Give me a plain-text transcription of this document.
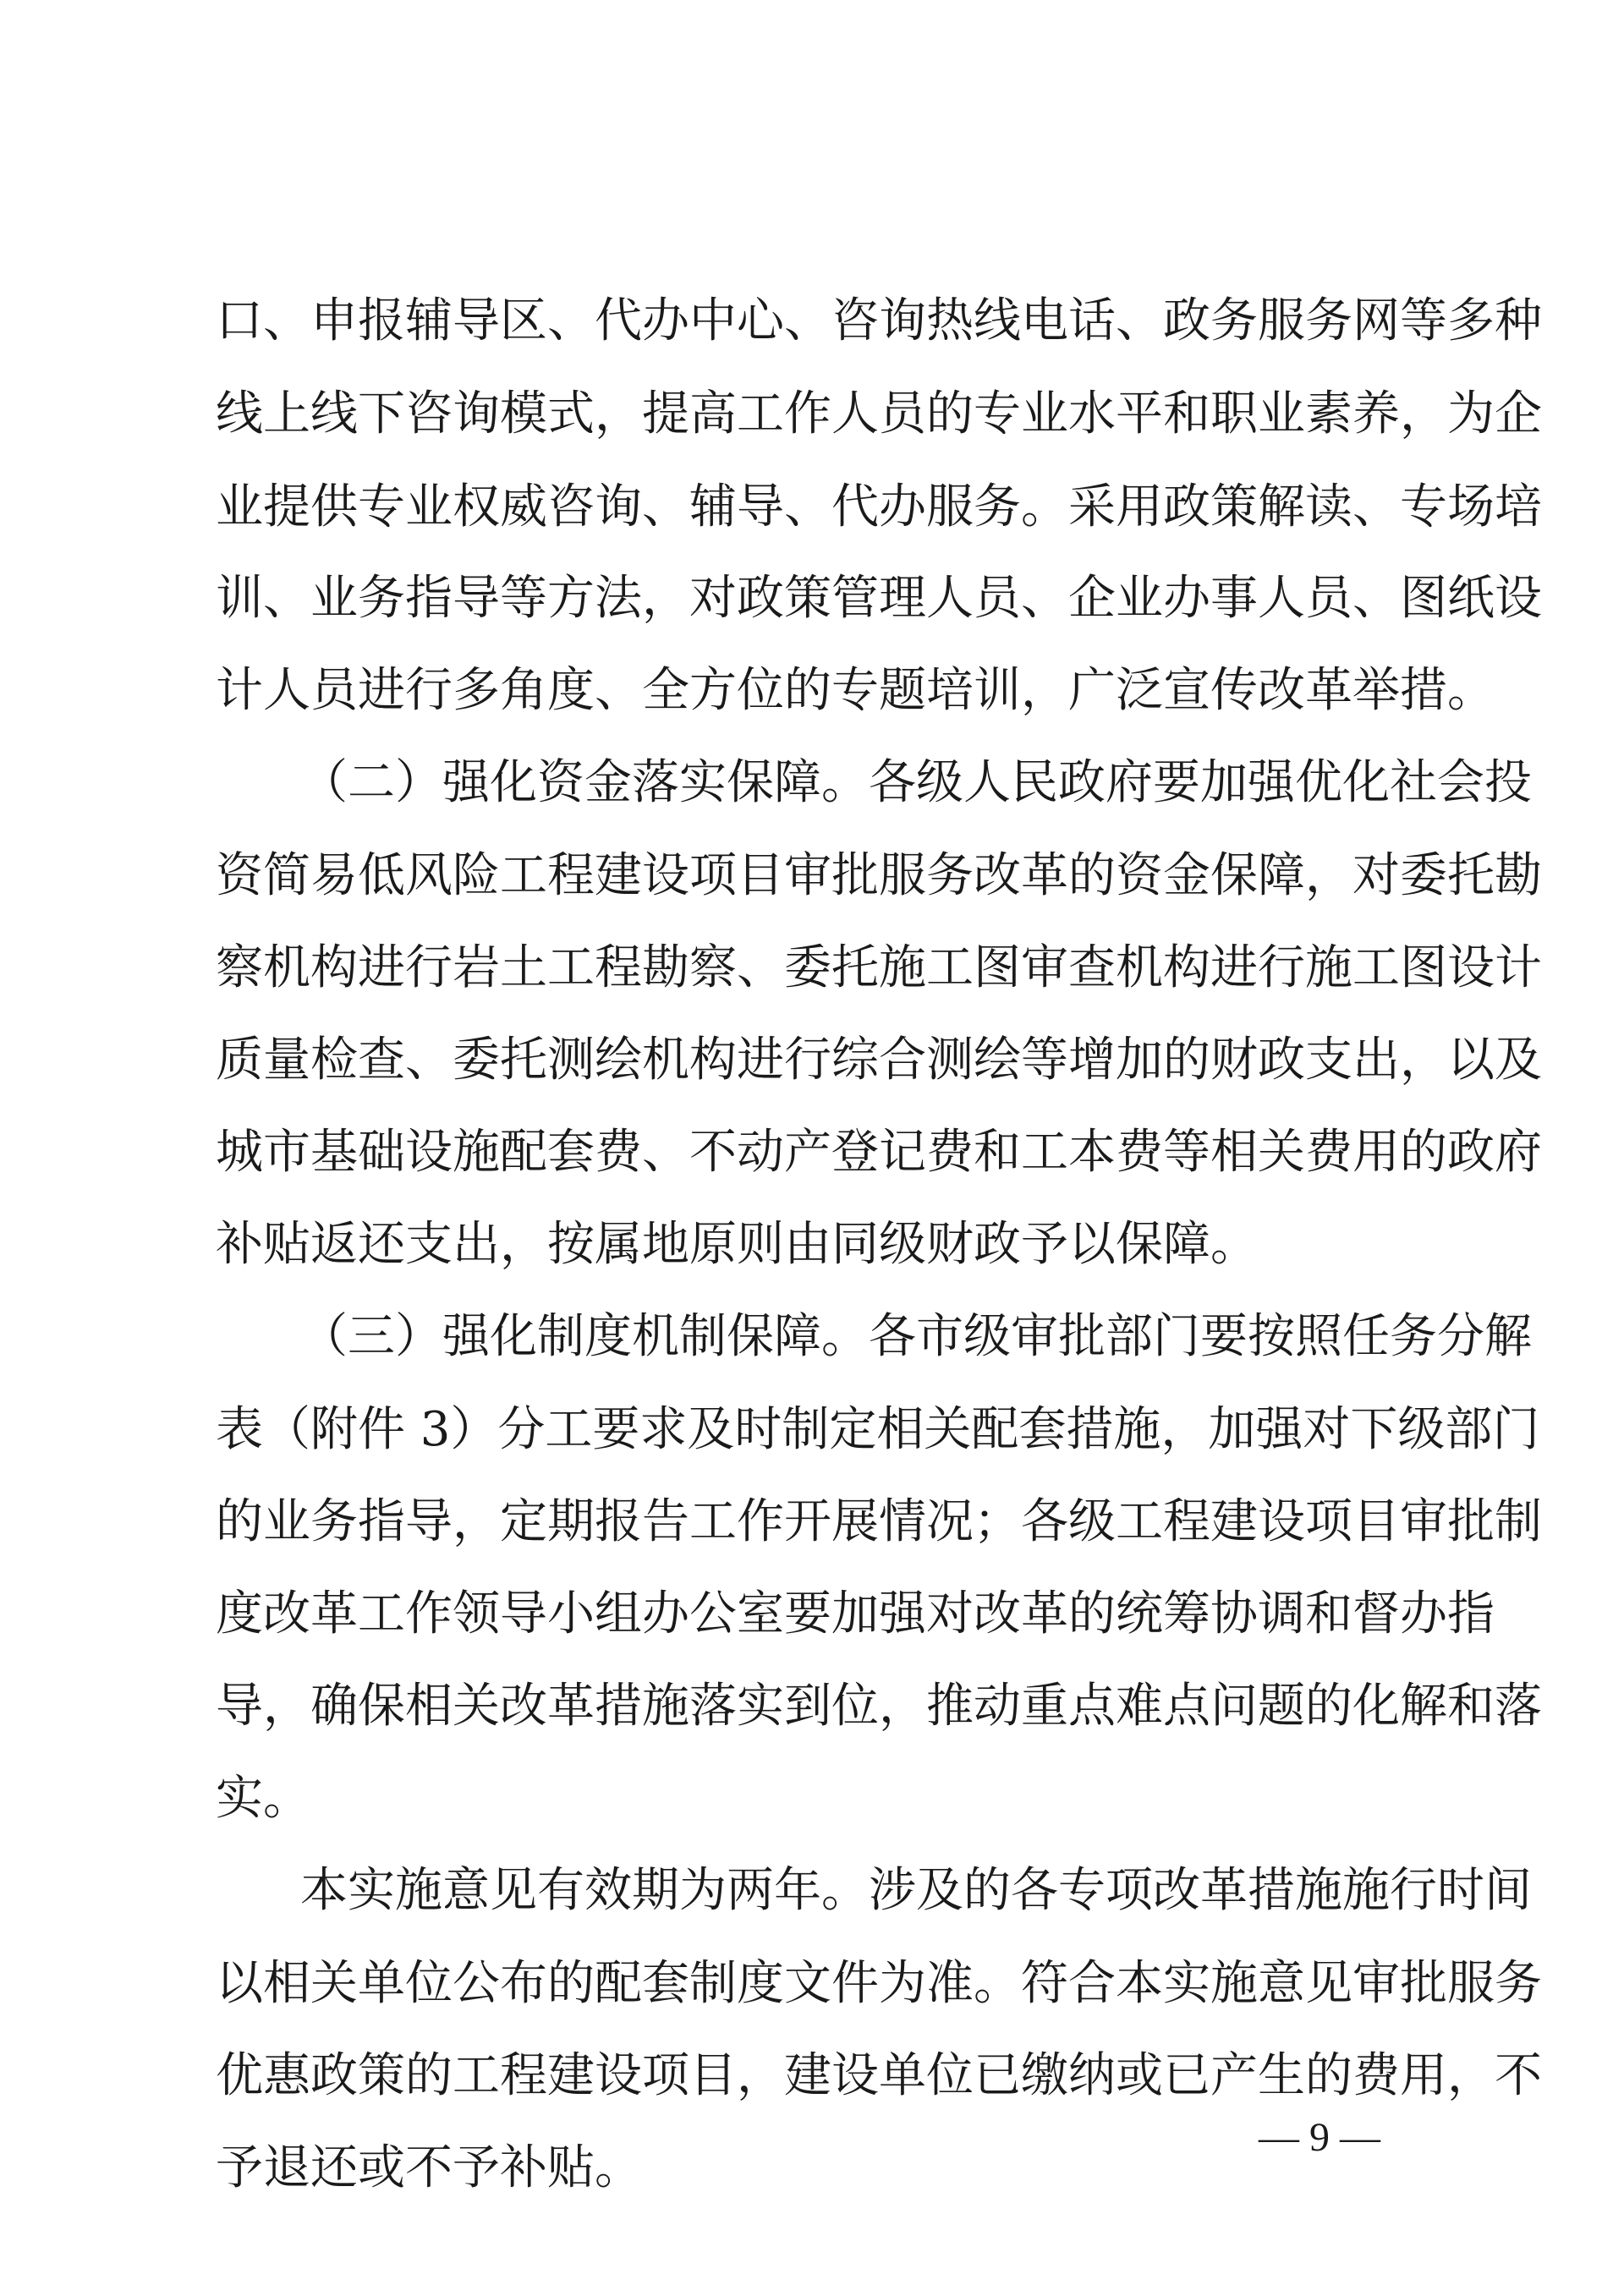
口、申报辅导区、代办中心、咨询热线电话、政务服务网等多种
线上线下咨询模式，提高工作人员的专业水平和职业素养，为企
业提供专业权威咨询、辅导、代办服务。采用政策解读、专场培
训、业务指导等方法，对政策管理人员、企业办事人员、图纸设
计人员进行多角度、全方位的专题培训，广泛宣传改革举措。
（二）强化资金落实保障。各级人民政府要加强优化社会投
资简易低风险工程建设项目审批服务改革的资金保障，对委托勘
察机构进行岩土工程勘察、委托施工图审查机构进行施工图设计
质量检查、委托测绘机构进行综合测绘等增加的财政支出，以及
城市基础设施配套费、不动产登记费和工本费等相关费用的政府
补贴返还支出，按属地原则由同级财政予以保障。
（三）强化制度机制保障。各市级审批部门要按照任务分解
表（附件 3）分工要求及时制定相关配套措施，加强对下级部门
的业务指导，定期报告工作开展情况；各级工程建设项目审批制
度改革工作领导小组办公室要加强对改革的统筹协调和督办指
导，确保相关改革措施落实到位，推动重点难点问题的化解和落
实。
本实施意见有效期为两年。涉及的各专项改革措施施行时间
以相关单位公布的配套制度文件为准。符合本实施意见审批服务
优惠政策的工程建设项目，建设单位已缴纳或已产生的费用，不
予退还或不予补贴。
— 9 —
